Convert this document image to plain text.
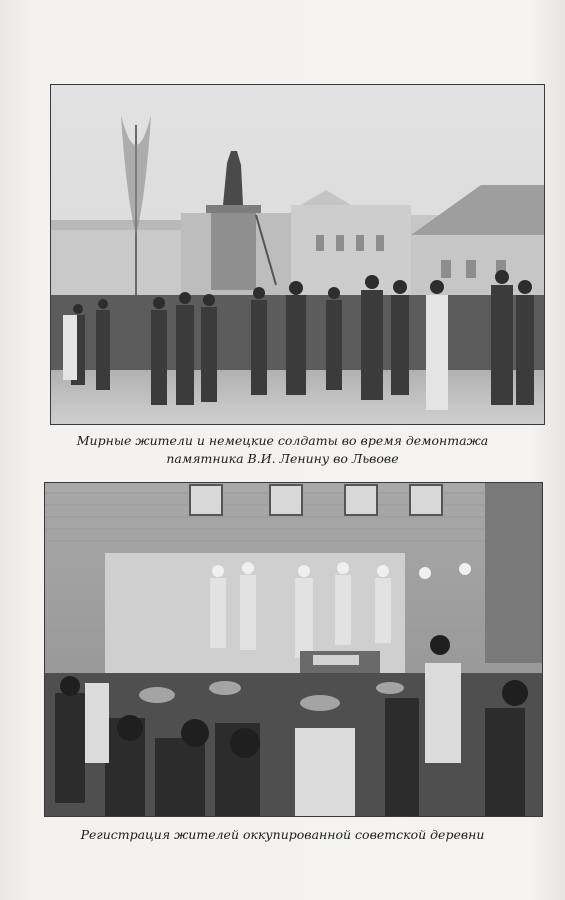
Мирные жители и немецкие солдаты во время демонтажа
памятника В.И. Ленину во Львове
Регистрация жителей оккупированной советской деревни
